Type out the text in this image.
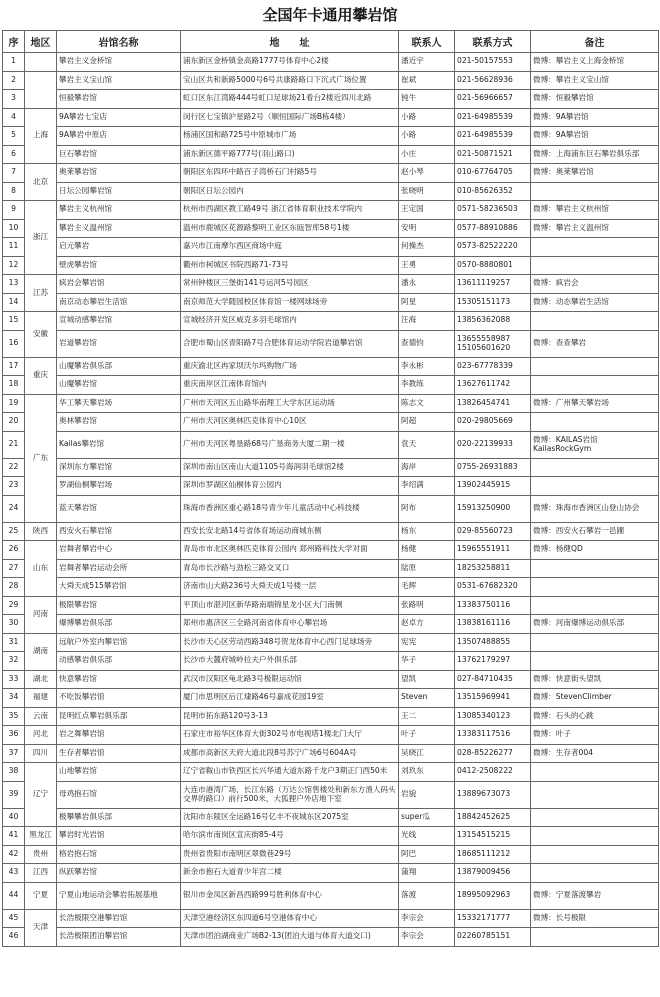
全国年卡通用攀岩馆
序	地区	岩馆名称	地　　址	联系人	联系方式	备注
1		攀岩主义金桥馆	浦东新区金桥镇金高路1777号体育中心2楼	潘近宇	021-50157553	微博：攀岩主义上海金桥馆
2		攀岩主义宝山馆	宝山区共和新路5000号6号共康路路口下沉式广场位置	崔斌	021-56628936	微博：攀岩主义宝山馆
3		恒毅攀岩馆	虹口区东江湾路444号虹口足球场21看台2楼近四川北路	钝牛	021-56966657	微博：恒毅攀岩馆
4	上海	9A攀岩七宝店	闵行区七宝镇沪星路2号（顺恒国际广场B栋4楼）	小路	021-64985539	微博：9A攀岩馆
5		9A攀岩中原店	杨浦区国和路725号中原城市广场	小路	021-64985539	微博：9A攀岩馆
6		巨石攀岩馆	浦东新区德平路777号(羽山路口)	小庄	021-50871521	微博：上海浦东巨石攀岩俱乐部
7	北京	奥莱攀岩馆	朝阳区东四环中路百子湾桥石门村路5号	赵小琴	010-67764705	微博：奥莱攀岩馆
8		日坛公园攀岩馆	朝阳区日坛公园内	张晓明	010-85626352	
9	浙江	攀岩主义杭州馆	杭州市西湖区教工路49号 浙江省体育职业技术学院内	王定国	0571-58236503	微博：攀岩主义杭州馆
10		攀岩主义温州馆	温州市鹿城区花源路黎明工业区东瓯智库58号1楼	安明	0577-88910886	微博：攀岩主义温州馆
11		启元攀岩	嘉兴市江南摩尔西区商场中庭	何操杰	0573-82522220	
12		壁虎攀岩馆	衢州市柯城区书院西路71-73号	王勇	0570-8880801	
13	江苏	疯岩会攀岩馆	常州钟楼区三堡街141号运河5号园区	潘永	13611119257	微博：疯岩会
14		南京动态攀岩生活馆	南京师范大学随园校区体育馆一楼网球场旁	阿星	15305151173	微博：动态攀岩生活馆
15	安徽	宣城动感攀岩馆	宣城经济开发区威克多羽毛球馆内	汪海	13856362088	
16		岩道攀岩馆	合肥市蜀山区青阳路7号合肥体育运动学院岩道攀岩馆	查德钧	13655558987 15105601620	微博：查查攀岩
17	重庆	山魔攀岩俱乐部	重庆渝北区冉家坝沃尔玛购物广场	李永彬	023-67778339	
18		山魔攀岩馆	重庆南岸区江南体育馆内	李教练	13627611742	
19	广东	华工攀天攀岩场	广州市天河区五山路华南理工大学东区运动场	陈志文	13826454741	微博：广州攀天攀岩场
20		奥林攀岩馆	广州市天河区奥林匹克体育中心10区	阿超	020-29805669	
21		Kailas攀岩馆	广州市天河区粤垦路68号广垦商务大厦二期一楼	袁天	020-22139933	微博：KAILAS岩馆 KailasRockGym
22		深圳东方攀岩馆	深圳市南山区南山大道1105号海润羽毛球馆2楼	海岸	0755-26931883	
23		罗湖仙桐攀岩场	深圳市罗湖区仙桐体育公园内	李绍满	13902445915	
24		蓝天攀岩馆	珠海市香洲区重心路18号青少年儿童活动中心科技楼	阿布	15913250900	微博：珠海市香洲区山登山协会
25	陕西	西安火石攀岩馆	西安长安北路14号省体育场运动商城东侧	杨东	029-85560723	微博：西安火石攀岩一邑圃
26	山东	岩舞者攀岩中心	青岛市市北区奥林匹克体育公园内 郑州路科技大学对面	杨健	15965551911	微博：杨健QD
27		岩舞者攀岩运动会所	青岛市长沙路与劲松三路交叉口	陆原	18253258811	
28		大舜天成515攀岩馆	济南市山大路236号大舜天成1号楼一层	毛辉	0531-67682320	
29	河南	极限攀岩馆	平顶山市湛河区新华路南端锦星龙小区大门南侧	张路明	13383750116	
30		爆博攀岩俱乐部	郑州市惠济区三全路河南省体育中心攀岩场	赵卓方	13838161116	微博：河南爆博运动俱乐部
31	湖南	远航户外室内攀岩馆	长沙市天心区劳动西路348号贺龙体育中心西门足球场旁	宪宪	13507488855	
32		动感攀岩俱乐部	长沙市大麓府城岭拉夫户外俱乐部	华子	13762179297	
33	湖北	快意攀岩馆	武汉市汉阳区龟北路3号极限运动馆	望凯	027-84710435	微博：快意街头望凯
34	福建	不吃饭攀岩馆	厦门市思明区后江埭路46号嘉成花园19室	Steven	13515969941	微博：StevenClimber
35	云南	昆明红点攀岩俱乐部	昆明市拓东路120号3-13	王二	13085340123	微博：石头的心跳
36	河北	岩之舞攀岩馆	石家庄市裕华区体育大街302号市电视塔1楼北门大厅	叶子	13383117516	微博：叶子
37	四川	生存者攀岩馆	成都市高新区天府大道北段8号苏宁广场6号604A号	吴晓江	028-85226277	微博：生存者004
38	辽宁	山地攀岩馆	辽宁省鞍山市铁西区长兴华通大道东路千龙户3期正门西50米	刘玖东	0412-2508222	
39		母鸡抱石馆	大连市港湾广场，长江东路（万达公馆售楼处和新东方渔人码头交界的路口）前行500米，大狐狸户外店地下室	岩貌	13889673073	
40		极攀攀岩俱乐部	沈阳市东陵区全运路16号亿丰不夜城东区2075室	super瓜	18842452625	
41	黑龙江	攀岩时光岩馆	哈尔滨市南岗区宣庆街85-4号	光线	13154515215	
42	贵州	格岩抱石馆	贵州省贵阳市南明区翠微巷29号	阿巴	18685111212	
43	江西	纵跃攀岩馆	新余市抱石大道青少年宫二楼	蒲翔	13879009456	
44	宁夏	宁夏山地运动会攀岩拓展基地	银川市金凤区新昌西路99号胜利体育中心	落渡	18995092963	微博：宁夏落渡攀岩
45	天津	长浩极限空港攀岩馆	天津空港经济区东四道6号空港体育中心	李宗会	15332171777	微博：长号极限
46		长浩极限团泊攀岩馆	天津市团泊湖商业广场B2-13(团泊大道与体育大道交口)	李宗会	02260785151	
